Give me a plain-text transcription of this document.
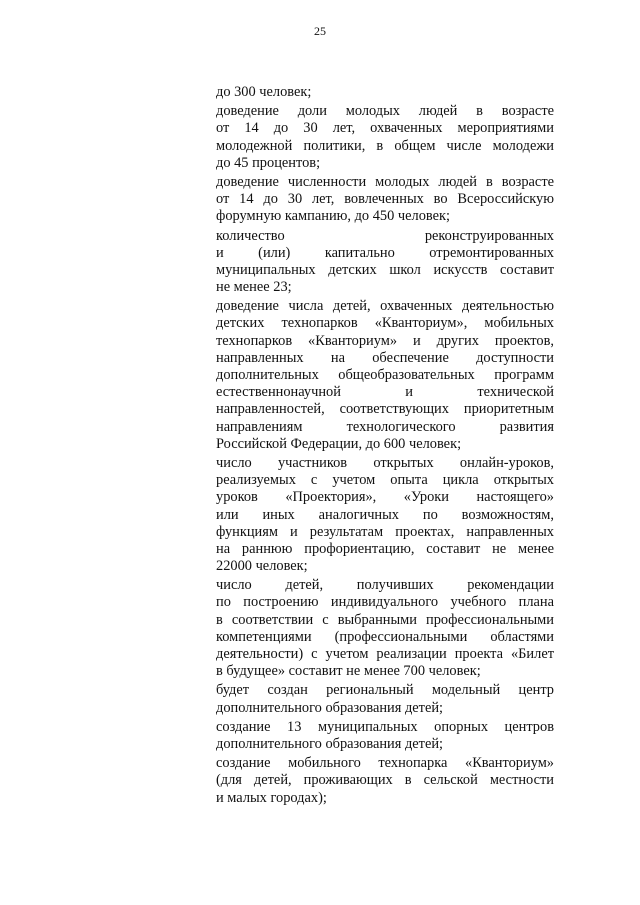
25
до 300 человек;
доведение доли молодых людей в возрасте
от 14 до 30 лет, охваченных мероприятиями
молодежной политики, в общем числе молодежи
до 45 процентов;
доведение численности молодых людей в возрасте
от 14 до 30 лет, вовлеченных во Всероссийскую
форумную кампанию, до 450 человек;
количество реконструированных
и (или) капитально отремонтированных
муниципальных детских школ искусств составит
не менее 23;
доведение числа детей, охваченных деятельностью
детских технопарков «Кванториум», мобильных
технопарков «Кванториум» и других проектов,
направленных на обеспечение доступности
дополнительных общеобразовательных программ
естественнонаучной и технической
направленностей, соответствующих приоритетным
направлениям технологического развития
Российской Федерации, до 600 человек;
число участников открытых онлайн-уроков,
реализуемых с учетом опыта цикла открытых
уроков «Проектория», «Уроки настоящего»
или иных аналогичных по возможностям,
функциям и результатам проектах, направленных
на раннюю профориентацию, составит не менее
22000 человек;
число детей, получивших рекомендации
по построению индивидуального учебного плана
в соответствии с выбранными профессиональными
компетенциями (профессиональными областями
деятельности) с учетом реализации проекта «Билет
в будущее» составит не менее 700 человек;
будет создан региональный модельный центр
дополнительного образования детей;
создание 13 муниципальных опорных центров
дополнительного образования детей;
создание мобильного технопарка «Кванториум»
(для детей, проживающих в сельской местности
и малых городах);
